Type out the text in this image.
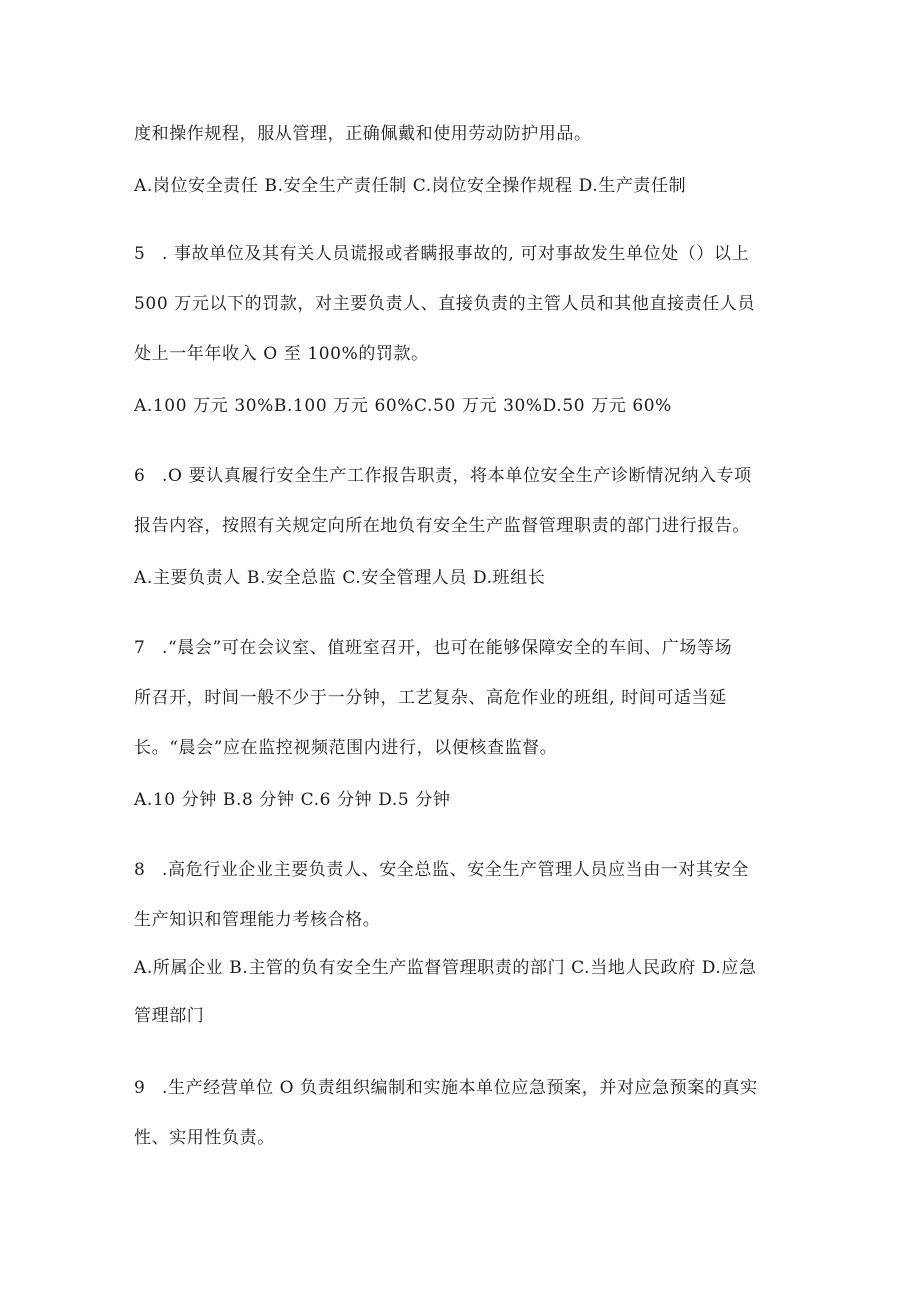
度和操作规程，服从管理，正确佩戴和使用劳动防护用品。
A.岗位安全责任 B.安全生产责任制 C.岗位安全操作规程 D.生产责任制
5 . 事故单位及其有关人员谎报或者瞒报事故的, 可对事故发生单位处（）以上
500 万元以下的罚款，对主要负责人、直接负责的主管人员和其他直接责任人员
处上一年年收入 O 至 100%的罚款。
A.100 万元 30%B.100 万元 60%C.50 万元 30%D.50 万元 60%
6 .O 要认真履行安全生产工作报告职责，将本单位安全生产诊断情况纳入专项
报告内容，按照有关规定向所在地负有安全生产监督管理职责的部门进行报告。
A.主要负责人 B.安全总监 C.安全管理人员 D.班组长
7 .“晨会”可在会议室、值班室召开，也可在能够保障安全的车间、广场等场
所召开，时间一般不少于一分钟，工艺复杂、高危作业的班组, 时间可适当延
长。“晨会”应在监控视频范围内进行，以便核查监督。
A.10 分钟 B.8 分钟 C.6 分钟 D.5 分钟
8 .高危行业企业主要负责人、安全总监、安全生产管理人员应当由一对其安全
生产知识和管理能力考核合格。
A.所属企业 B.主管的负有安全生产监督管理职责的部门 C.当地人民政府 D.应急
管理部门
9 .生产经营单位 O 负责组织编制和实施本单位应急预案，并对应急预案的真实
性、实用性负责。
